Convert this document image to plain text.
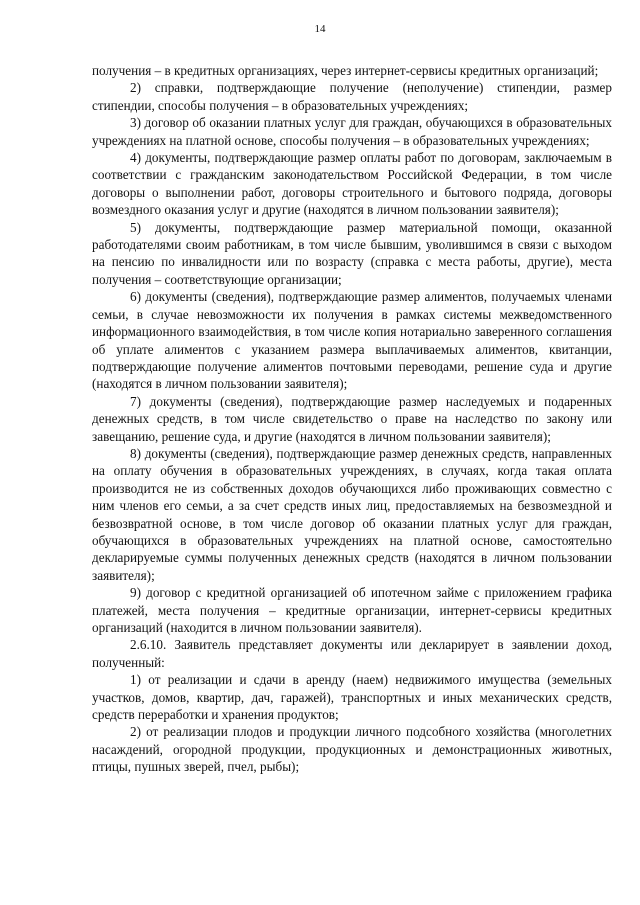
14

получения – в кредитных организациях, через интернет-сервисы кредитных организаций;

2) справки, подтверждающие получение (неполучение) стипендии, размер стипендии, способы получения – в образовательных учреждениях;

3) договор об оказании платных услуг для граждан, обучающихся в образовательных учреждениях на платной основе, способы получения – в образовательных учреждениях;

4) документы, подтверждающие размер оплаты работ по договорам, заключаемым в соответствии с гражданским законодательством Российской Федерации, в том числе договоры о выполнении работ, договоры строительного и бытового подряда, договоры возмездного оказания услуг и другие (находятся в личном пользовании заявителя);

5) документы, подтверждающие размер материальной помощи, оказанной работодателями своим работникам, в том числе бывшим, уволившимся в связи с выходом на пенсию по инвалидности или по возрасту (справка с места работы, другие), места получения – соответствующие организации;

6) документы (сведения), подтверждающие размер алиментов, получаемых членами семьи, в случае невозможности их получения в рамках системы межведомственного информационного взаимодействия, в том числе копия нотариально заверенного соглашения об уплате алиментов с указанием размера выплачиваемых алиментов, квитанции, подтверждающие получение алиментов почтовыми переводами, решение суда и другие (находятся в личном пользовании заявителя);

7) документы (сведения), подтверждающие размер наследуемых и подаренных денежных средств, в том числе свидетельство о праве на наследство по закону или завещанию, решение суда, и другие (находятся в личном пользовании заявителя);

8) документы (сведения), подтверждающие размер денежных средств, направленных на оплату обучения в образовательных учреждениях, в случаях, когда такая оплата производится не из собственных доходов обучающихся либо проживающих совместно с ним членов его семьи, а за счет средств иных лиц, предоставляемых на безвозмездной и безвозвратной основе, в том числе договор об оказании платных услуг для граждан, обучающихся в образовательных учреждениях на платной основе, самостоятельно декларируемые суммы полученных денежных средств (находятся в личном пользовании заявителя);

9) договор с кредитной организацией об ипотечном займе с приложением графика платежей, места получения – кредитные организации, интернет-сервисы кредитных организаций (находится в личном пользовании заявителя).

2.6.10. Заявитель представляет документы или декларирует в заявлении доход, полученный:

1) от реализации и сдачи в аренду (наем) недвижимого имущества (земельных участков, домов, квартир, дач, гаражей), транспортных и иных механических средств, средств переработки и хранения продуктов;

2) от реализации плодов и продукции личного подсобного хозяйства (многолетних насаждений, огородной продукции, продукционных и демонстрационных животных, птицы, пушных зверей, пчел, рыбы);
